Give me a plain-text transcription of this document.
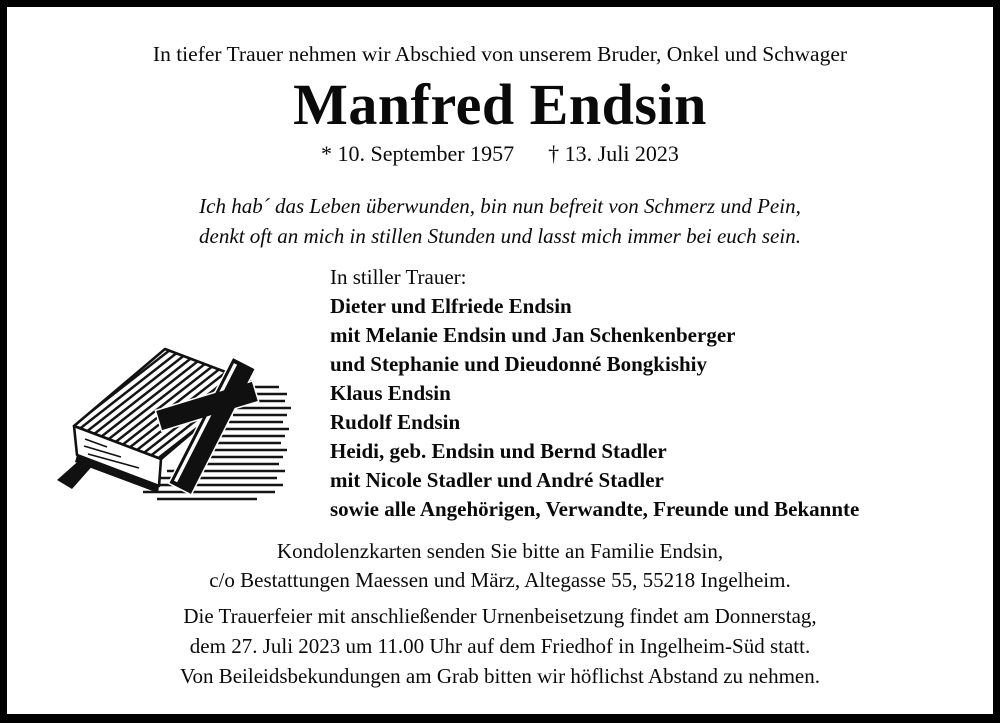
In tiefer Trauer nehmen wir Abschied von unserem Bruder, Onkel und Schwager
Manfred Endsin
* 10. September 1957 † 13. Juli 2023
Ich hab´ das Leben überwunden, bin nun befreit von Schmerz und Pein,
denkt oft an mich in stillen Stunden und lasst mich immer bei euch sein.
In stiller Trauer:
Dieter und Elfriede Endsin
mit Melanie Endsin und Jan Schenkenberger
und Stephanie und Dieudonné Bongkishiy
Klaus Endsin
Rudolf Endsin
Heidi, geb. Endsin und Bernd Stadler
mit Nicole Stadler und André Stadler
sowie alle Angehörigen, Verwandte, Freunde und Bekannte
Kondolenzkarten senden Sie bitte an Familie Endsin,
c/o Bestattungen Maessen und März, Altegasse 55, 55218 Ingelheim.
Die Trauerfeier mit anschließender Urnenbeisetzung findet am Donnerstag,
dem 27. Juli 2023 um 11.00 Uhr auf dem Friedhof in Ingelheim-Süd statt.
Von Beileidsbekundungen am Grab bitten wir höflichst Abstand zu nehmen.
